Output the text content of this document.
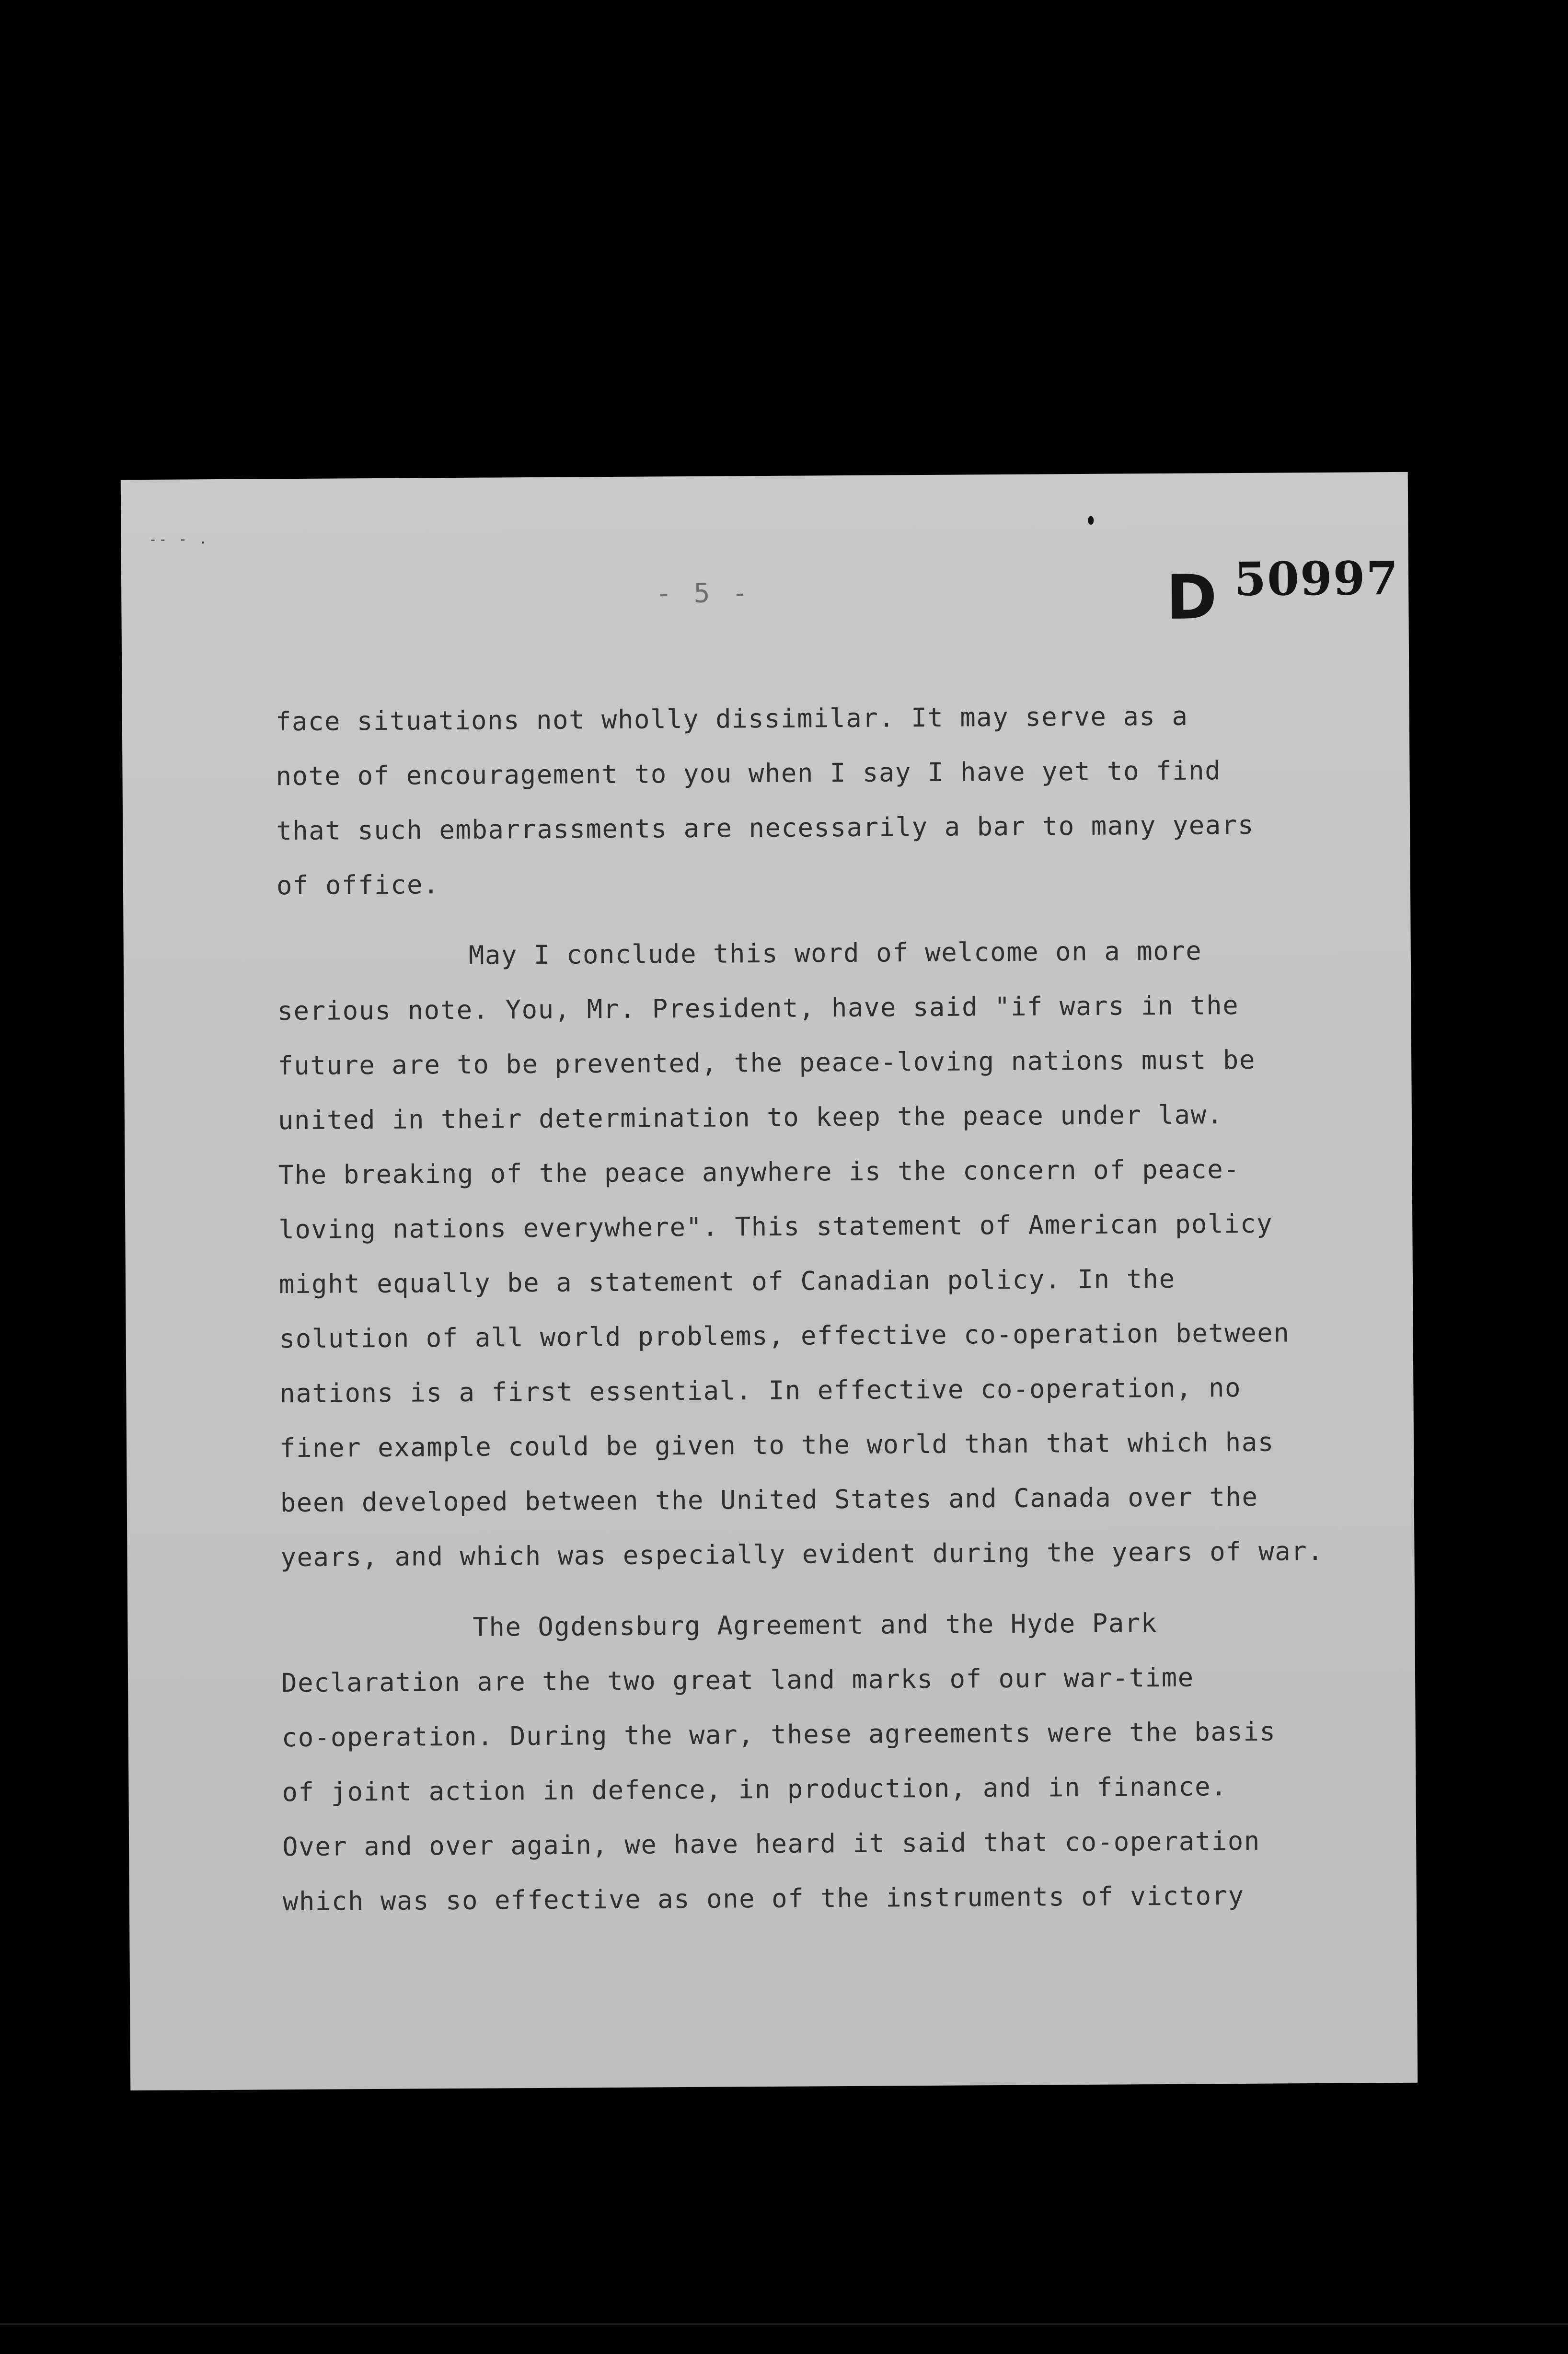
-- - .
- 5 -	D 50997
face situations not wholly dissimilar. It may serve as a
note of encouragement to you when I say I have yet to find
that such embarrassments are necessarily a bar to many years
of office.
May I conclude this word of welcome on a more
serious note. You, Mr. President, have said "if wars in the
future are to be prevented, the peace-loving nations must be
united in their determination to keep the peace under law.
The breaking of the peace anywhere is the concern of peace-
loving nations everywhere". This statement of American policy
might equally be a statement of Canadian policy. In the
solution of all world problems, effective co-operation between
nations is a first essential. In effective co-operation, no
finer example could be given to the world than that which has
been developed between the United States and Canada over the
years, and which was especially evident during the years of war.
The Ogdensburg Agreement and the Hyde Park
Declaration are the two great land marks of our war-time
co-operation. During the war, these agreements were the basis
of joint action in defence, in production, and in finance.
Over and over again, we have heard it said that co-operation
which was so effective as one of the instruments of victory
